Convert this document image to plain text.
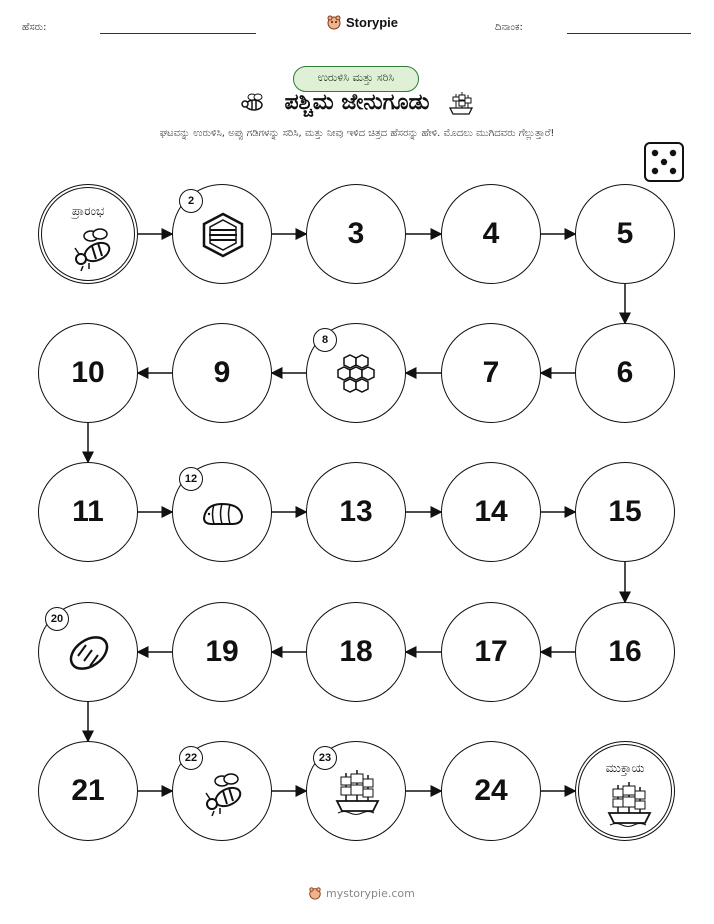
ಹೆಸರು:	Storypie	ದಿನಾಂಕ:
ಉರುಳಿಸಿ ಮತ್ತು ಸರಿಸಿ
ಪಶ್ಚಿಮ ಜೇನುಗೂಡು
ಘಟವನ್ನು ಉರುಳಿಸಿ, ಅಪ್ಪು ಗಡಿಗಳನ್ನು ಸರಿಸಿ, ಮತ್ತು ನೀವು ಇಳಿದ ಚಿತ್ರದ ಹೆಸರನ್ನು ಹೇಳಿ. ಮೊದಲು ಮುಗಿದವರು ಗೆಲ್ಲುತ್ತಾರೆ!
ಪ್ರಾರಂಭ
2
3	4	5
6
7
8
9
10
11
12
13	14	15
16
17
18
19
20
21
22	23
24
ಮುಕ್ತಾಯ
mystorypie.com
